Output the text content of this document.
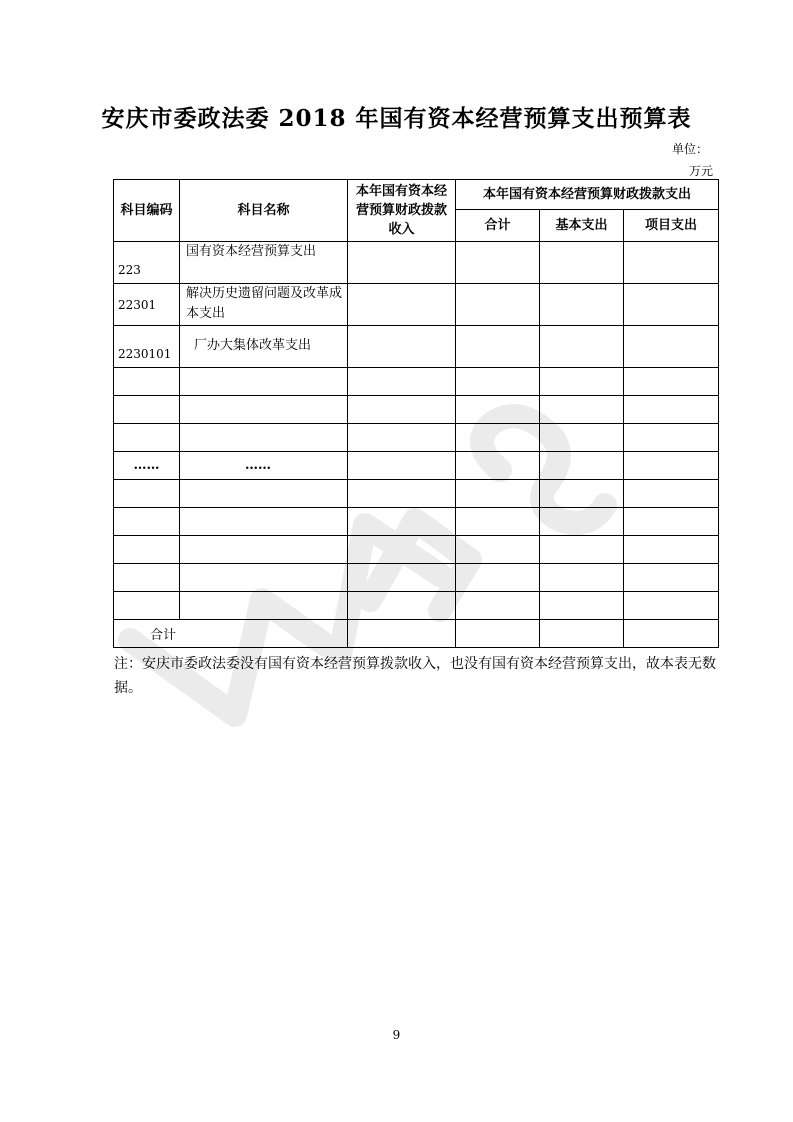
安庆市委政法委 2018 年国有资本经营预算支出预算表
单位：
万元
科目编码	科目名称	本年国有资本经营预算财政拨款收入	本年国有资本经营预算财政拨款支出		
			合计	基本支出	项目支出
223	国有资本经营预算支出				
22301	解决历史遗留问题及改革成本支出				
2230101	厂办大集体改革支出				

……	……				

合计					
注：安庆市委政法委没有国有资本经营预算拨款收入，也没有国有资本经营预算支出，故本表无数据。
9
